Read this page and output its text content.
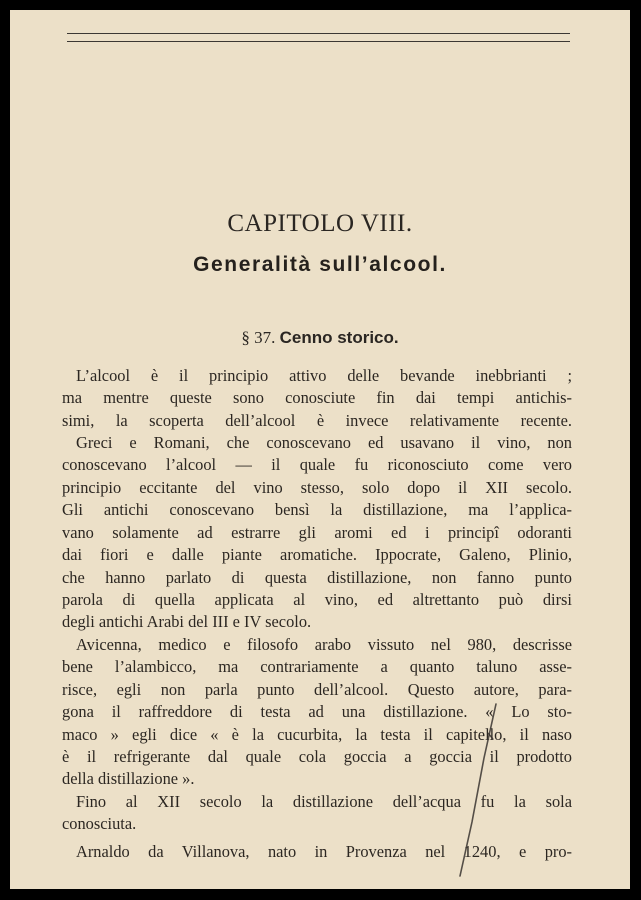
CAPITOLO VIII.
Generalità sull’alcool.
§ 37. Cenno storico.
L’alcool è il principio attivo delle bevande inebbrianti ;
ma mentre queste sono conosciute fin dai tempi antichis-
simi, la scoperta dell’alcool è invece relativamente recente.
Greci e Romani, che conoscevano ed usavano il vino, non
conoscevano l’alcool — il quale fu riconosciuto come vero
principio eccitante del vino stesso, solo dopo il XII secolo.
Gli antichi conoscevano bensì la distillazione, ma l’applica-
vano solamente ad estrarre gli aromi ed i principî odoranti
dai fiori e dalle piante aromatiche. Ippocrate, Galeno, Plinio,
che hanno parlato di questa distillazione, non fanno punto
parola di quella applicata al vino, ed altrettanto può dirsi
degli antichi Arabi del III e IV secolo.
Avicenna, medico e filosofo arabo vissuto nel 980, descrisse
bene l’alambicco, ma contrariamente a quanto taluno asse-
risce, egli non parla punto dell’alcool. Questo autore, para-
gona il raffreddore di testa ad una distillazione. « Lo sto-
maco » egli dice « è la cucurbita, la testa il capitello, il naso
è il refrigerante dal quale cola goccia a goccia il prodotto
della distillazione ».
Fino al XII secolo la distillazione dell’acqua fu la sola
conosciuta.
Arnaldo da Villanova, nato in Provenza nel 1240, e pro-
